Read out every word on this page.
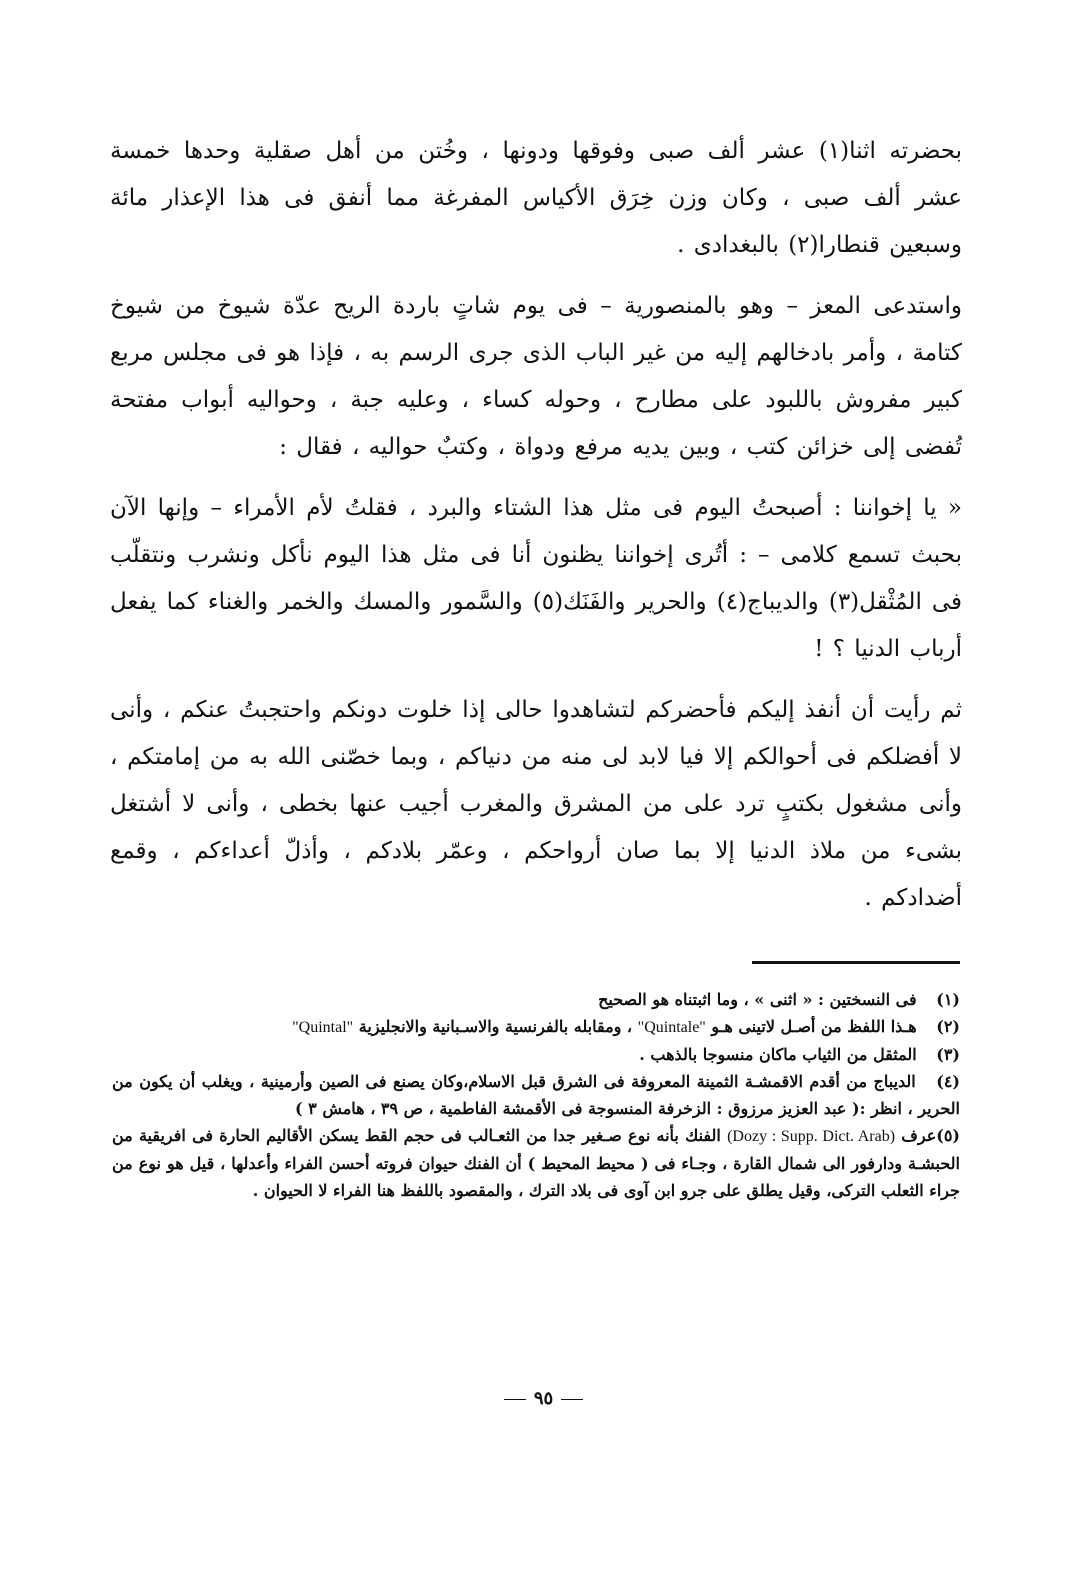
بحضرته اثنا(١) عشر ألف صبى وفوقها ودونها ، وخُتن من أهل صقلية وحدها خمسة عشر ألف صبى ، وكان وزن خِرَق الأكياس المفرغة مما أنفق فى هذا الإعذار مائة وسبعين قنطارا(٢) بالبغدادى .

واستدعى المعز – وهو بالمنصورية – فى يوم شاتٍ باردة الريح عدّة شيوخ من شيوخ كتامة ، وأمر بادخالهم إليه من غير الباب الذى جرى الرسم به ، فإذا هو فى مجلس مربع كبير مفروش باللبود على مطارح ، وحوله كساء ، وعليه جبة ، وحواليه أبواب مفتحة تُفضى إلى خزائن كتب ، وبين يديه مرفع ودواة ، وكتبٌ حواليه ، فقال :

« يا إخواننا : أصبحتُ اليوم فى مثل هذا الشتاء والبرد ، فقلتُ لأم الأمراء – وإنها الآن بحبث تسمع كلامى – : أتُرى إخواننا يظنون أنا فى مثل هذا اليوم نأكل ونشرب ونتقلّب فى المُثْقل(٣) والديباج(٤) والحرير والفَنَك(٥) والسَّمور والمسك والخمر والغناء كما يفعل أرباب الدنيا ؟ !

ثم رأيت أن أنفذ إليكم فأحضركم لتشاهدوا حالى إذا خلوت دونكم واحتجبتُ عنكم ، وأنى لا أفضلكم فى أحوالكم إلا فيا لابد لى منه من دنياكم ، وبما خصّنى الله به من إمامتكم ، وأنى مشغول بكتبٍ ترد على من المشرق والمغرب أجيب عنها بخطى ، وأنى لا أشتغل بشىء من ملاذ الدنيا إلا بما صان أرواحكم ، وعمّر بلادكم ، وأذلّ أعداءكم ، وقمع أضدادكم .

(١) فى النسختين : « اثنى » ، وما اثبتناه هو الصحيح

(٢) هـذا اللفظ من أصـل لاتينى هـو "Quintale" ، ومقابله بالفرنسية والاسـبانية والانجليزية "Quintal"

(٣) المثقل من الثياب ماكان منسوجا بالذهب .

(٤) الديباج من أقدم الاقمشـة الثمينة المعروفة فى الشرق قبل الاسلام،وكان يصنع فى الصين وأرمينية ، ويغلب أن يكون من الحرير ، انظر :( عبد العزيز مرزوق : الزخرفة المنسوجة فى الأقمشة الفاطمية ، ص ٣٩ ، هامش ٣ )

(٥)عرف (Dozy : Supp. Dict. Arab) الفنك بأنه نوع صـغير جدا من الثعـالب فى حجم القط يسكن الأقاليم الحارة فى افريقية من الحبشـة ودارفور الى شمال القارة ، وجـاء فى ( محيط المحيط ) أن الفنك حيوان فروته أحسن الفراء وأعدلها ، قيل هو نوع من جراء الثعلب التركى، وقيل يطلق على جرو ابن آوى فى بلاد الترك ، والمقصود باللفظ هنا الفراء لا الحيوان .

٩٥
